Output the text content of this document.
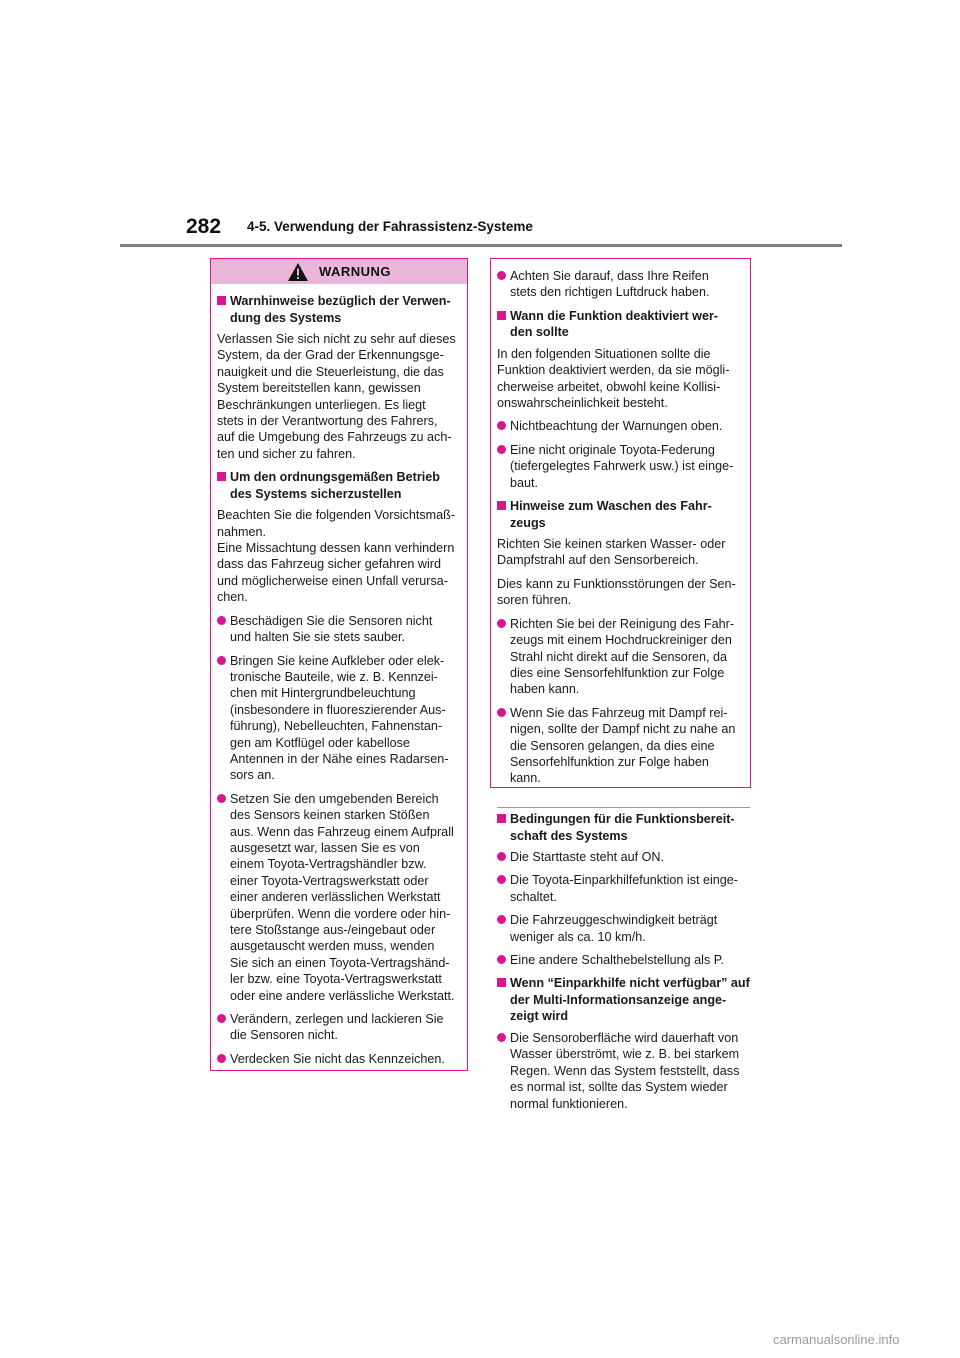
282 4-5. Verwendung der Fahrassistenz-Systeme
WARNUNG
Warnhinweise bezüglich der Verwen-
dung des Systems
Verlassen Sie sich nicht zu sehr auf dieses
System, da der Grad der Erkennungsge-
nauigkeit und die Steuerleistung, die das
System bereitstellen kann, gewissen
Beschränkungen unterliegen. Es liegt
stets in der Verantwortung des Fahrers,
auf die Umgebung des Fahrzeugs zu ach-
ten und sicher zu fahren.
Um den ordnungsgemäßen Betrieb
des Systems sicherzustellen
Beachten Sie die folgenden Vorsichtsmaß-
nahmen.
Eine Missachtung dessen kann verhindern
dass das Fahrzeug sicher gefahren wird
und möglicherweise einen Unfall verursa-
chen.
Beschädigen Sie die Sensoren nicht
und halten Sie sie stets sauber.
Bringen Sie keine Aufkleber oder elek-
tronische Bauteile, wie z. B. Kennzei-
chen mit Hintergrundbeleuchtung
(insbesondere in fluoreszierender Aus-
führung), Nebelleuchten, Fahnenstan-
gen am Kotflügel oder kabellose
Antennen in der Nähe eines Radarsen-
sors an.
Setzen Sie den umgebenden Bereich
des Sensors keinen starken Stößen
aus. Wenn das Fahrzeug einem Aufprall
ausgesetzt war, lassen Sie es von
einem Toyota-Vertragshändler bzw.
einer Toyota-Vertragswerkstatt oder
einer anderen verlässlichen Werkstatt
überprüfen. Wenn die vordere oder hin-
tere Stoßstange aus-/eingebaut oder
ausgetauscht werden muss, wenden
Sie sich an einen Toyota-Vertragshänd-
ler bzw. eine Toyota-Vertragswerkstatt
oder eine andere verlässliche Werkstatt.
Verändern, zerlegen und lackieren Sie
die Sensoren nicht.
Verdecken Sie nicht das Kennzeichen.
Achten Sie darauf, dass Ihre Reifen
stets den richtigen Luftdruck haben.
Wann die Funktion deaktiviert wer-
den sollte
In den folgenden Situationen sollte die
Funktion deaktiviert werden, da sie mögli-
cherweise arbeitet, obwohl keine Kollisi-
onswahrscheinlichkeit besteht.
Nichtbeachtung der Warnungen oben.
Eine nicht originale Toyota-Federung
(tiefergelegtes Fahrwerk usw.) ist einge-
baut.
Hinweise zum Waschen des Fahr-
zeugs
Richten Sie keinen starken Wasser- oder
Dampfstrahl auf den Sensorbereich.
Dies kann zu Funktionsstörungen der Sen-
soren führen.
Richten Sie bei der Reinigung des Fahr-
zeugs mit einem Hochdruckreiniger den
Strahl nicht direkt auf die Sensoren, da
dies eine Sensorfehlfunktion zur Folge
haben kann.
Wenn Sie das Fahrzeug mit Dampf rei-
nigen, sollte der Dampf nicht zu nahe an
die Sensoren gelangen, da dies eine
Sensorfehlfunktion zur Folge haben
kann.
Bedingungen für die Funktionsbereit-
schaft des Systems
Die Starttaste steht auf ON.
Die Toyota-Einparkhilfefunktion ist einge-
schaltet.
Die Fahrzeuggeschwindigkeit beträgt
weniger als ca. 10 km/h.
Eine andere Schalthebelstellung als P.
Wenn “Einparkhilfe nicht verfügbar” auf
der Multi-Informationsanzeige ange-
zeigt wird
Die Sensoroberfläche wird dauerhaft von
Wasser überströmt, wie z. B. bei starkem
Regen. Wenn das System feststellt, dass
es normal ist, sollte das System wieder
normal funktionieren.
carmanualsonline.info
